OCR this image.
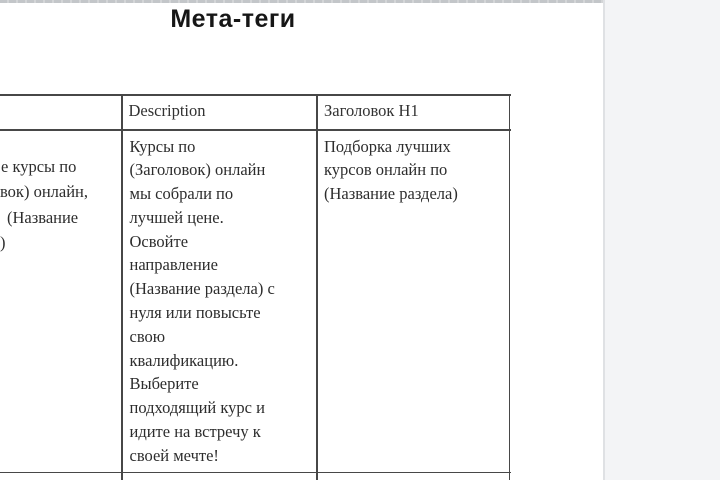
Мета-теги
Description	Заголовок H1
е курсы по
вок) онлайн,
(Название
)
Курсы по
(Заголовок) онлайн
мы собрали по
лучшей цене.
Освойте
направление
(Название раздела) с
нуля или повысьте
свою
квалификацию.
Выберите
подходящий курс и
идите на встречу к
своей мечте!
Подборка лучших
курсов онлайн по
(Название раздела)
